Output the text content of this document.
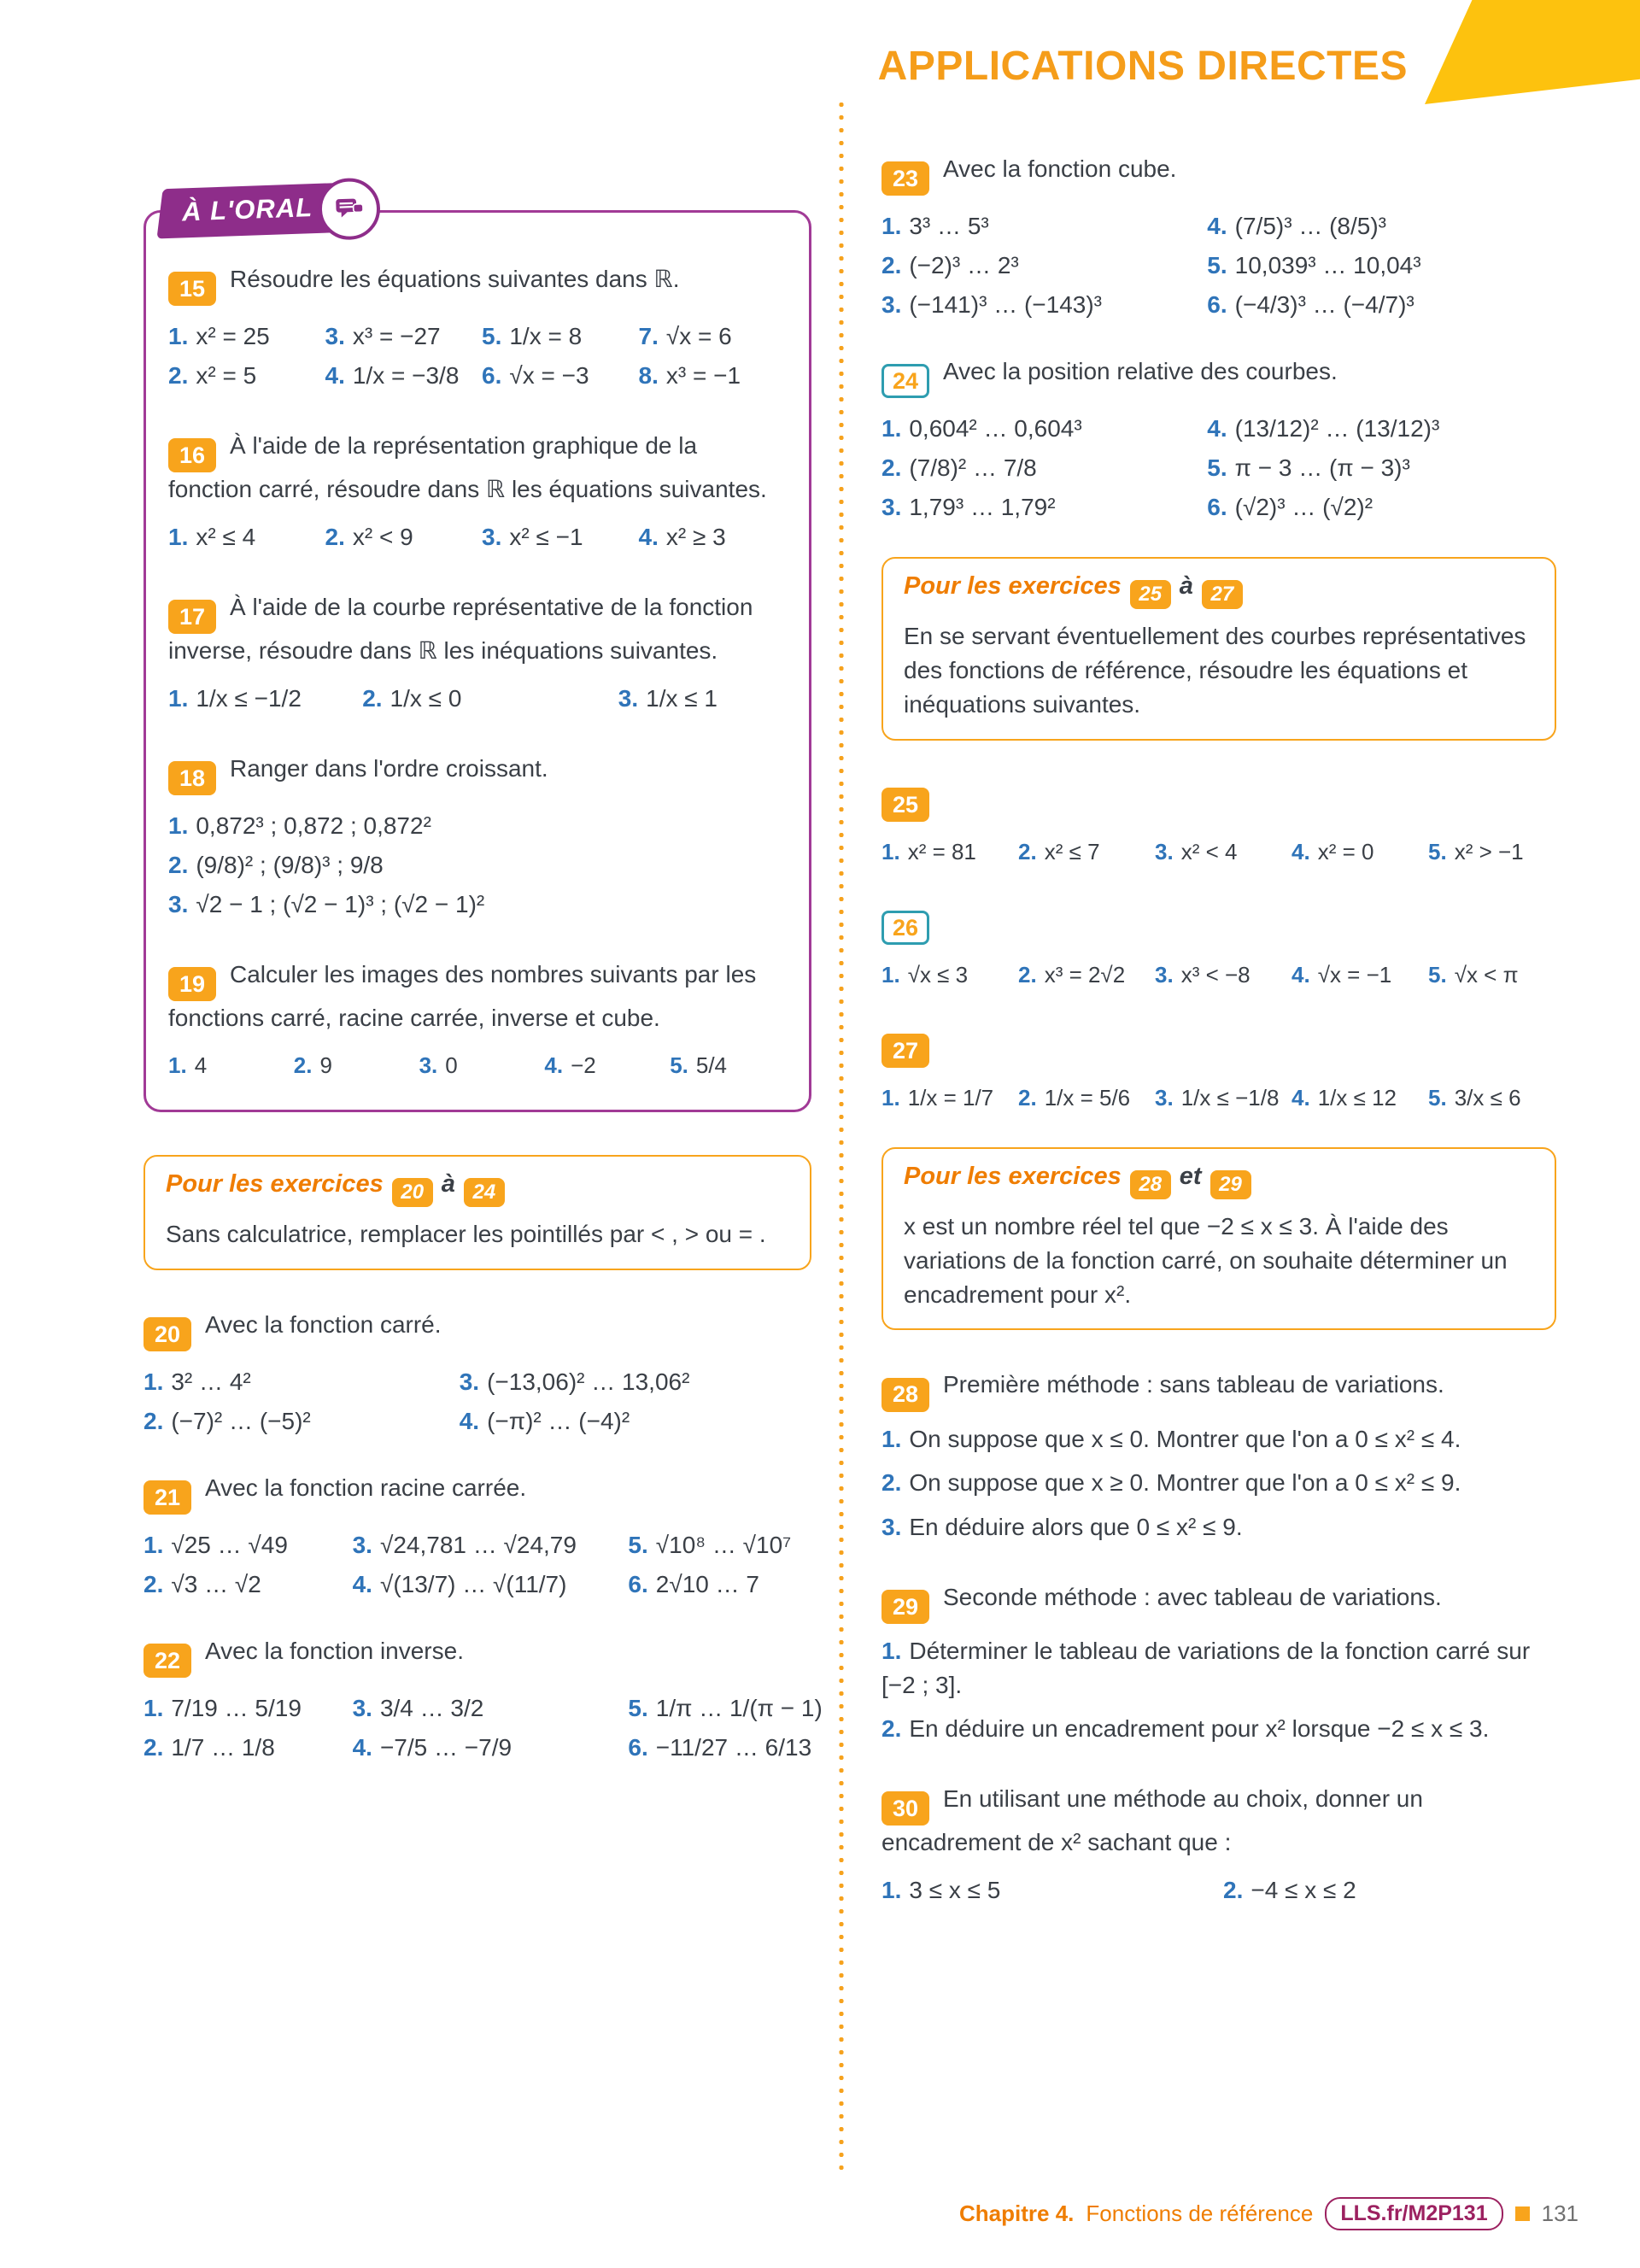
APPLICATIONS DIRECTES
À L'ORAL

15 Résoudre les équations suivantes dans ℝ.

1. x² = 25	3. x³ = −27	5. 1/x = 8	7. √x = 6
2. x² = 5	4. 1/x = −3/8 6. √x = −3	8. x³ = −1

16 À l'aide de la représentation graphique de la fonction carré, résoudre dans ℝ les équations suivantes.

1. x² ≤ 4	2. x² < 9	3. x² ≤ −1	4. x² ≥ 3

17 À l'aide de la courbe représentative de la fonction inverse, résoudre dans ℝ les inéquations suivantes.

1. 1/x ≤ −1/2	2. 1/x ≤ 0	3. 1/x ≤ 1

18 Ranger dans l'ordre croissant.

1. 0,872³ ; 0,872 ; 0,872²
2. (9/8)² ; (9/8)³ ; 9/8
3. √2 − 1 ; (√2 − 1)³ ; (√2 − 1)²

19 Calculer les images des nombres suivants par les fonctions carré, racine carrée, inverse et cube.

1. 4	2. 9	3. 0	4. −2	5. 5/4

Pour les exercices 20 à 24

Sans calculatrice, remplacer les pointillés par < , > ou = .

20 Avec la fonction carré.

1. 3² … 4²	3. (−13,06)² … 13,06²
2. (−7)² … (−5)²	4. (−π)² … (−4)²

21 Avec la fonction racine carrée.

1. √25 … √49	3. √24,781 … √24,79	5. √10⁸ … √10⁷
2. √3 … √2	4. √(13/7) … √(11/7)	6. 2√10 … 7

22 Avec la fonction inverse.

1. 7/19 … 5/19	3. 3/4 … 3/2	5. 1/π … 1/(π − 1)
2. 1/7 … 1/8	4. −7/5 … −7/9	6. −11/27 … 6/13

23 Avec la fonction cube.

1. 3³ … 5³	4. (7/5)³ … (8/5)³
2. (−2)³ … 2³	5. 10,039³ … 10,04³
3. (−141)³ … (−143)³	6. (−4/3)³ … (−4/7)³

24 Avec la position relative des courbes.

1. 0,604² … 0,604³	4. (13/12)² … (13/12)³
2. (7/8)² … 7/8	5. π − 3 … (π − 3)³
3. 1,79³ … 1,79²	6. (√2)³ … (√2)²

Pour les exercices 25 à 27

En se servant éventuellement des courbes représentatives des fonctions de référence, résoudre les équations et inéquations suivantes.

25

1. x² = 81	2. x² ≤ 7	3. x² < 4	4. x² = 0	5. x² > −1

26

1. √x ≤ 3	2. x³ = 2√2	3. x³ < −8	4. √x = −1	5. √x < π

27

1. 1/x = 1/7	2. 1/x = 5/6	3. 1/x ≤ −1/8 4. 1/x ≤ 12	5. 3/x ≤ 6

Pour les exercices 28 et 29

x est un nombre réel tel que −2 ≤ x ≤ 3. À l'aide des variations de la fonction carré, on souhaite déterminer un encadrement pour x².

28 Première méthode : sans tableau de variations.

1. On suppose que x ≤ 0. Montrer que l'on a 0 ≤ x² ≤ 4.

2. On suppose que x ≥ 0. Montrer que l'on a 0 ≤ x² ≤ 9.

3. En déduire alors que 0 ≤ x² ≤ 9.

29 Seconde méthode : avec tableau de variations.

1. Déterminer le tableau de variations de la fonction carré sur [−2 ; 3].

2. En déduire un encadrement pour x² lorsque −2 ≤ x ≤ 3.

30 En utilisant une méthode au choix, donner un encadrement de x² sachant que :

1. 3 ≤ x ≤ 5	2. −4 ≤ x ≤ 2
Chapitre 4. Fonctions de référence	LLS.fr/M2P131	131
